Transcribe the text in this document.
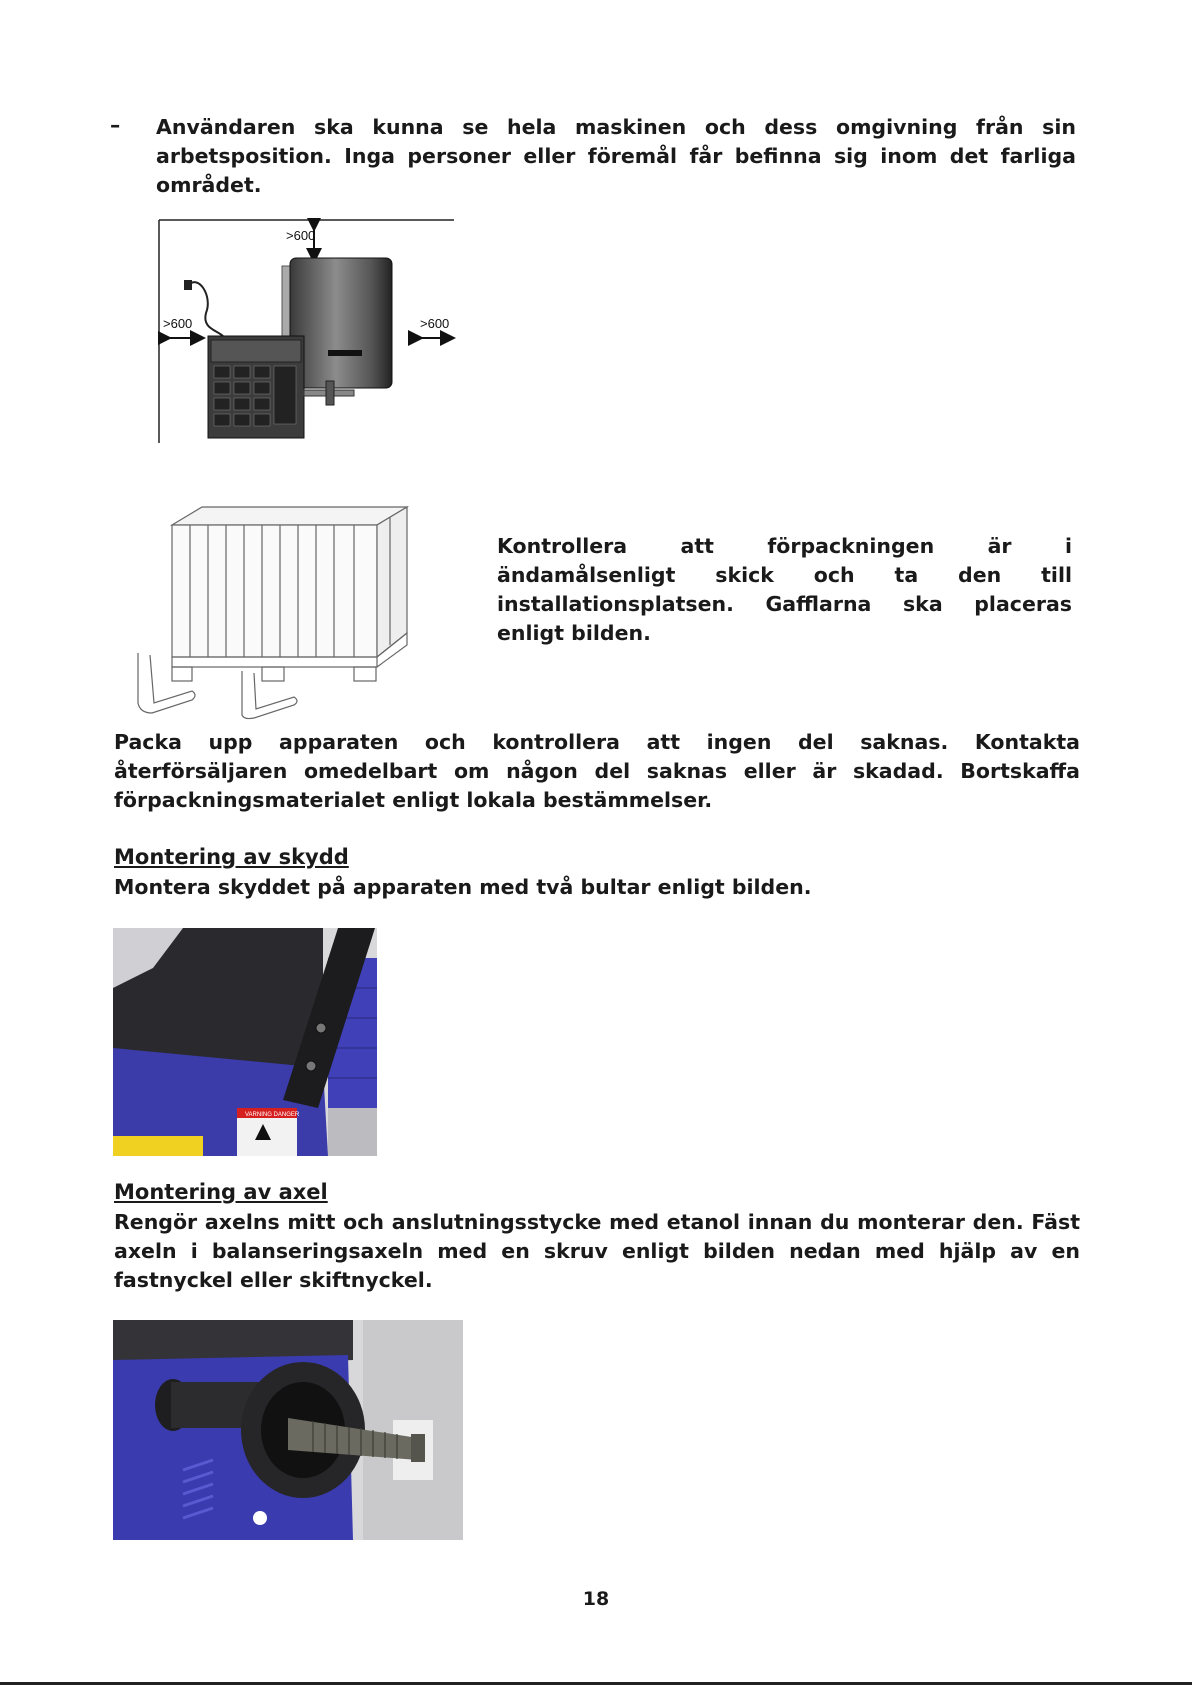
– Användaren ska kunna se hela maskinen och dess omgivning från sin arbetsposition. Inga personer eller föremål får befinna sig inom det farliga området.

>600
>600	>600

Kontrollera att förpackningen är i ändamålsenligt skick och ta den till installationsplatsen. Gafflarna ska placeras enligt bilden.

Packa upp apparaten och kontrollera att ingen del saknas. Kontakta återförsäljaren omedelbart om någon del saknas eller är skadad. Bortskaffa förpackningsmaterialet enligt lokala bestämmelser.

Montering av skydd

Montera skyddet på apparaten med två bultar enligt bilden.

VARNING DANGER
Montering av axel

Rengör axelns mitt och anslutningsstycke med etanol innan du monterar den. Fäst axeln i balanseringsaxeln med en skruv enligt bilden nedan med hjälp av en fastnyckel eller skiftnyckel.

18
